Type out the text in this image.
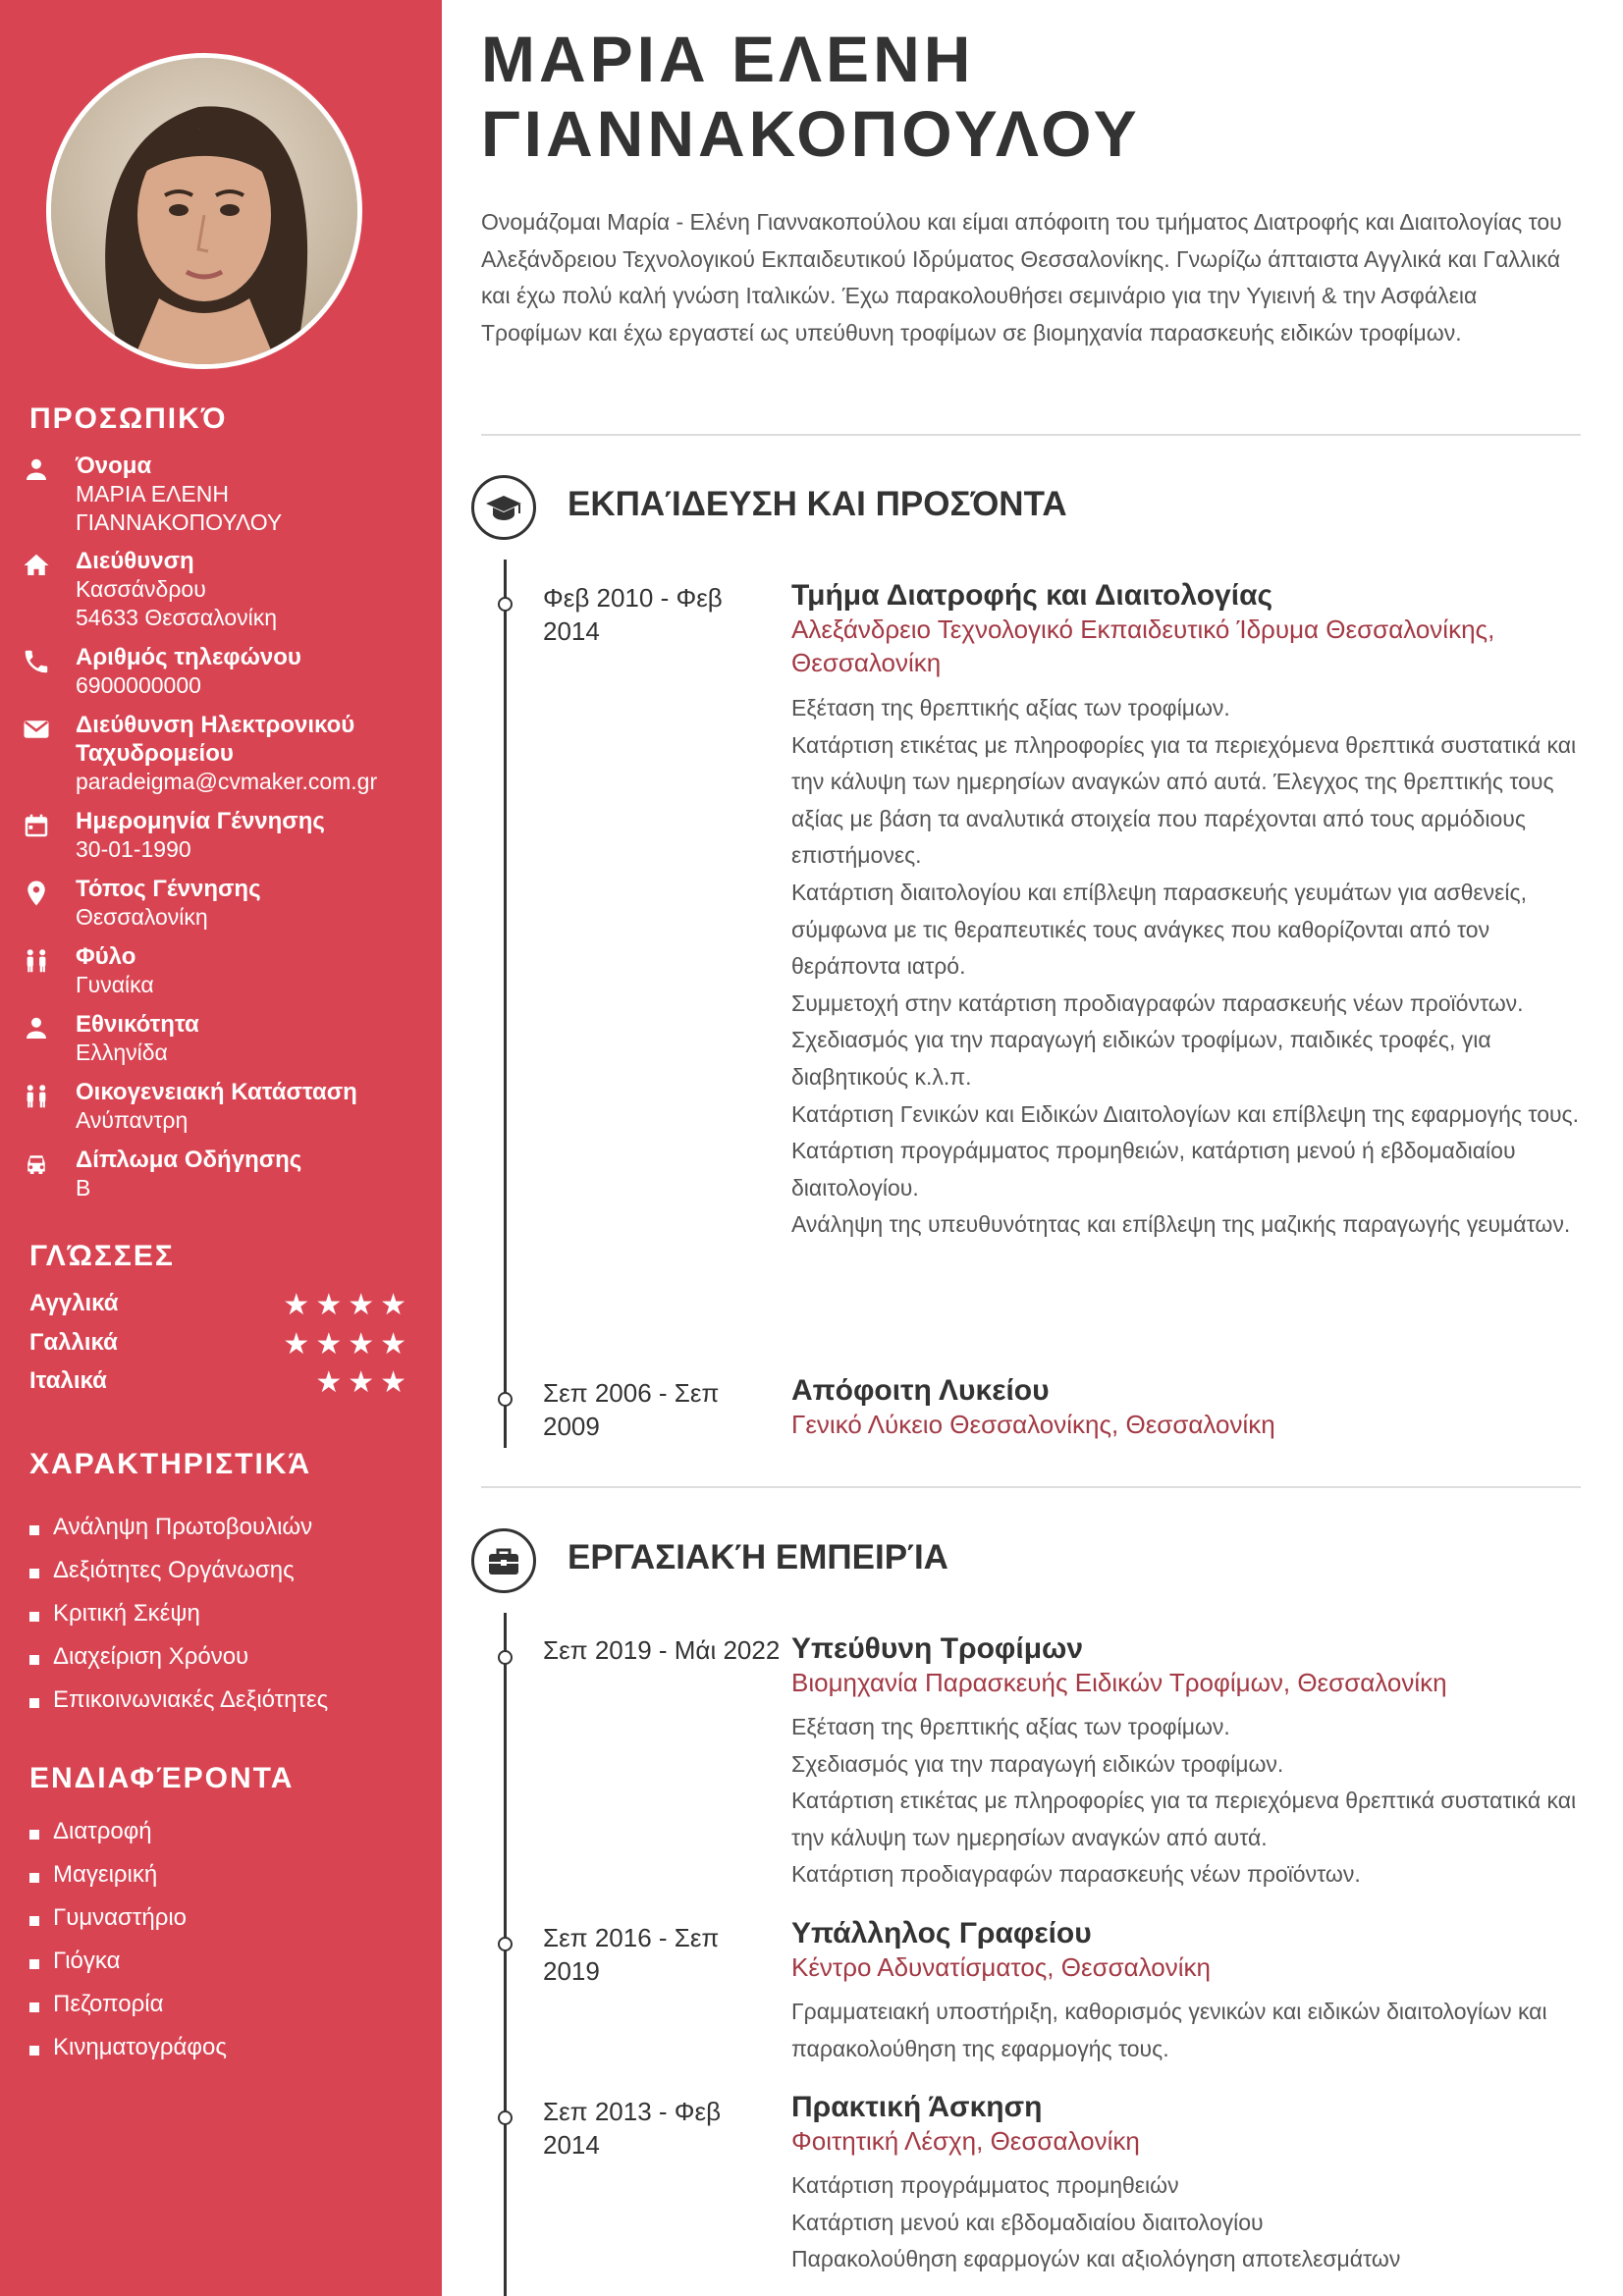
ΠΡΟΣΩΠΙΚΌ
Όνομα
ΜΑΡΙΑ ΕΛΕΝΗ
ΓΙΑΝΝΑΚΟΠΟΥΛΟΥ
Διεύθυνση
Κασσάνδρου
54633 Θεσσαλονίκη
Αριθμός τηλεφώνου
6900000000
Διεύθυνση Ηλεκτρονικού Ταχυδρομείου
paradeigma@cvmaker.com.gr
Ημερομηνία Γέννησης
30-01-1990
Τόπος Γέννησης
Θεσσαλονίκη
Φύλο
Γυναίκα
Εθνικότητα
Ελληνίδα
Οικογενειακή Κατάσταση
Ανύπαντρη
Δίπλωμα Οδήγησης
B
ΓΛΏΣΣΕΣ
Αγγλικά	★★★★
Γαλλικά	★★★★
Ιταλικά	★★★
ΧΑΡΑΚΤΗΡΙΣΤΙΚΆ
Ανάληψη Πρωτοβουλιών
Δεξιότητες Οργάνωσης
Κριτική Σκέψη
Διαχείριση Χρόνου
Επικοινωνιακές Δεξιότητες
ΕΝΔΙΑΦΈΡΟΝΤΑ
Διατροφή
Μαγειρική
Γυμναστήριο
Γιόγκα
Πεζοπορία
Κινηματογράφος
ΜΑΡΙΑ ΕΛΕΝΗ
ΓΙΑΝΝΑΚΟΠΟΥΛΟΥ
Ονομάζομαι Μαρία - Ελένη Γιαννακοπούλου και είμαι απόφοιτη του τμήματος Διατροφής και Διαιτολογίας του Αλεξάνδρειου Τεχνολογικού Εκπαιδευτικού Ιδρύματος Θεσσαλονίκης. Γνωρίζω άπταιστα Αγγλικά και Γαλλικά και έχω πολύ καλή γνώση Ιταλικών. Έχω παρακολουθήσει σεμινάριο για την Υγιεινή & την Ασφάλεια Τροφίμων και έχω εργαστεί ως υπεύθυνη τροφίμων σε βιομηχανία παρασκευής ειδικών τροφίμων.
ΕΚΠΑΊΔΕΥΣΗ ΚΑΙ ΠΡΟΣΌΝΤΑ
Φεβ 2010 - Φεβ 2014
Τμήμα Διατροφής και Διαιτολογίας
Αλεξάνδρειο Τεχνολογικό Εκπαιδευτικό Ίδρυμα Θεσσαλονίκης, Θεσσαλονίκη
Εξέταση της θρεπτικής αξίας των τροφίμων.
Κατάρτιση ετικέτας με πληροφορίες για τα περιεχόμενα θρεπτικά συστατικά και την κάλυψη των ημερησίων αναγκών από αυτά. Έλεγχος της θρεπτικής τους αξίας με βάση τα αναλυτικά στοιχεία που παρέχονται από τους αρμόδιους επιστήμονες.
Κατάρτιση διαιτολογίου και επίβλεψη παρασκευής γευμάτων για ασθενείς, σύμφωνα με τις θεραπευτικές τους ανάγκες που καθορίζονται από τον θεράποντα ιατρό.
Συμμετοχή στην κατάρτιση προδιαγραφών παρασκευής νέων προϊόντων.
Σχεδιασμός για την παραγωγή ειδικών τροφίμων, παιδικές τροφές, για διαβητικούς κ.λ.π.
Κατάρτιση Γενικών και Ειδικών Διαιτολογίων και επίβλεψη της εφαρμογής τους.
Κατάρτιση προγράμματος προμηθειών, κατάρτιση μενού ή εβδομαδιαίου διαιτολογίου.
Ανάληψη της υπευθυνότητας και επίβλεψη της μαζικής παραγωγής γευμάτων.
Σεπ 2006 - Σεπ 2009
Απόφοιτη Λυκείου
Γενικό Λύκειο Θεσσαλονίκης, Θεσσαλονίκη
ΕΡΓΑΣΙΑΚΉ ΕΜΠΕΙΡΊΑ
Σεπ 2019 - Μάι 2022 Υπεύθυνη Τροφίμων
Βιομηχανία Παρασκευής Ειδικών Τροφίμων, Θεσσαλονίκη
Εξέταση της θρεπτικής αξίας των τροφίμων.
Σχεδιασμός για την παραγωγή ειδικών τροφίμων.
Κατάρτιση ετικέτας με πληροφορίες για τα περιεχόμενα θρεπτικά συστατικά και την κάλυψη των ημερησίων αναγκών από αυτά.
Κατάρτιση προδιαγραφών παρασκευής νέων προϊόντων.
Σεπ 2016 - Σεπ 2019
Υπάλληλος Γραφείου
Κέντρο Αδυνατίσματος, Θεσσαλονίκη
Γραμματειακή υποστήριξη, καθορισμός γενικών και ειδικών διαιτολογίων και παρακολούθηση της εφαρμογής τους.
Σεπ 2013 - Φεβ 2014
Πρακτική Άσκηση
Φοιτητική Λέσχη, Θεσσαλονίκη
Κατάρτιση προγράμματος προμηθειών
Κατάρτιση μενού και εβδομαδιαίου διαιτολογίου
Παρακολούθηση εφαρμογών και αξιολόγηση αποτελεσμάτων
